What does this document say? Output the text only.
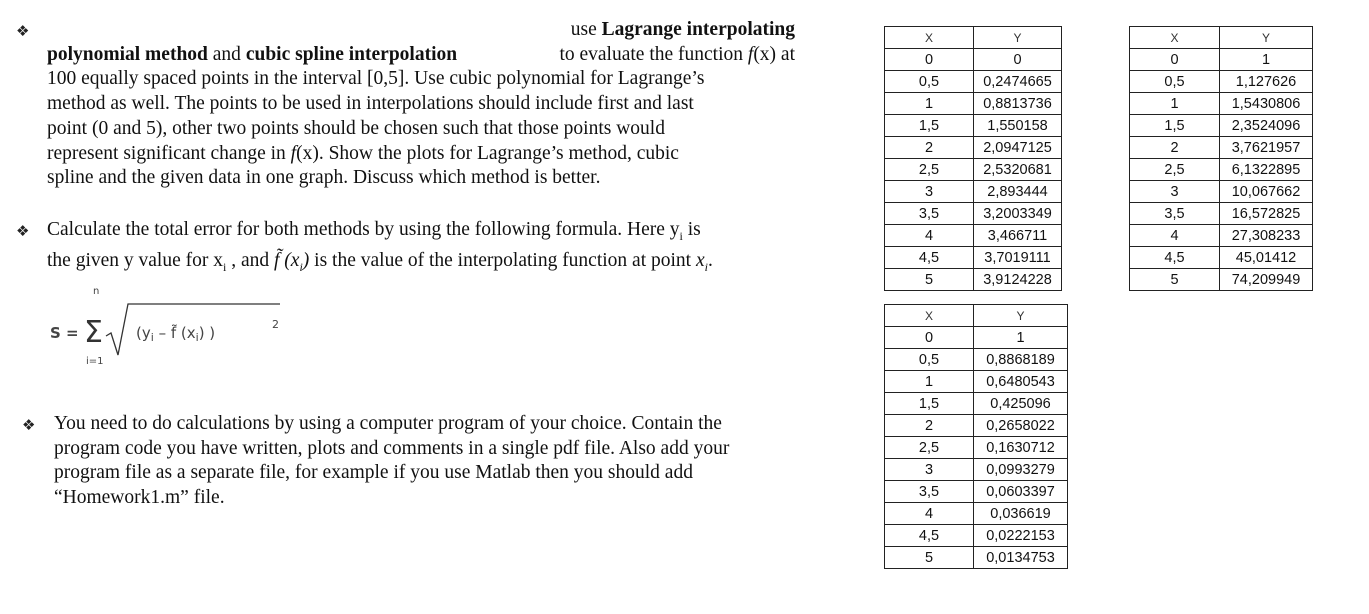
❖	use Lagrange interpolating
polynomial method and cubic spline interpolation	to evaluate the function f(x) at
100 equally spaced points in the interval [0,5]. Use cubic polynomial for Lagrange’s
method as well. The points to be used in interpolations should include first and last
point (0 and 5), other two points should be chosen such that those points would
represent significant change in f(x). Show the plots for Lagrange’s method, cubic
spline and the given data in one graph. Discuss which method is better.
❖ Calculate the total error for both methods by using the following formula. Here $y_i$ is
the given y value for $x_i$ , and f̃ $(x_i)$ is the value of the interpolating function at point $x_i$.
S =
n
Σ
i=1
($y_i$ – f̃ $(x_i)$ )	2
❖ You need to do calculations by using a computer program of your choice. Contain the
program code you have written, plots and comments in a single pdf file. Also add your
program file as a separate file, for example if you use Matlab then you should add
“Homework1.m” file.
X	Y
0	0
0,5	0,2474665
1	0,8813736
1,5	1,550158
2	2,0947125
2,5	2,5320681
3	2,893444
3,5	3,2003349
4	3,466711
4,5	3,7019111
5	3,9124228
X	Y
0	1
0,5	1,127626
1	1,5430806
1,5	2,3524096
2	3,7621957
2,5	6,1322895
3	10,067662
3,5	16,572825
4	27,308233
4,5	45,01412
5	74,209949
X	Y
0	1
0,5	0,8868189
1	0,6480543
1,5	0,425096
2	0,2658022
2,5	0,1630712
3	0,0993279
3,5	0,0603397
4	0,036619
4,5	0,0222153
5	0,0134753
